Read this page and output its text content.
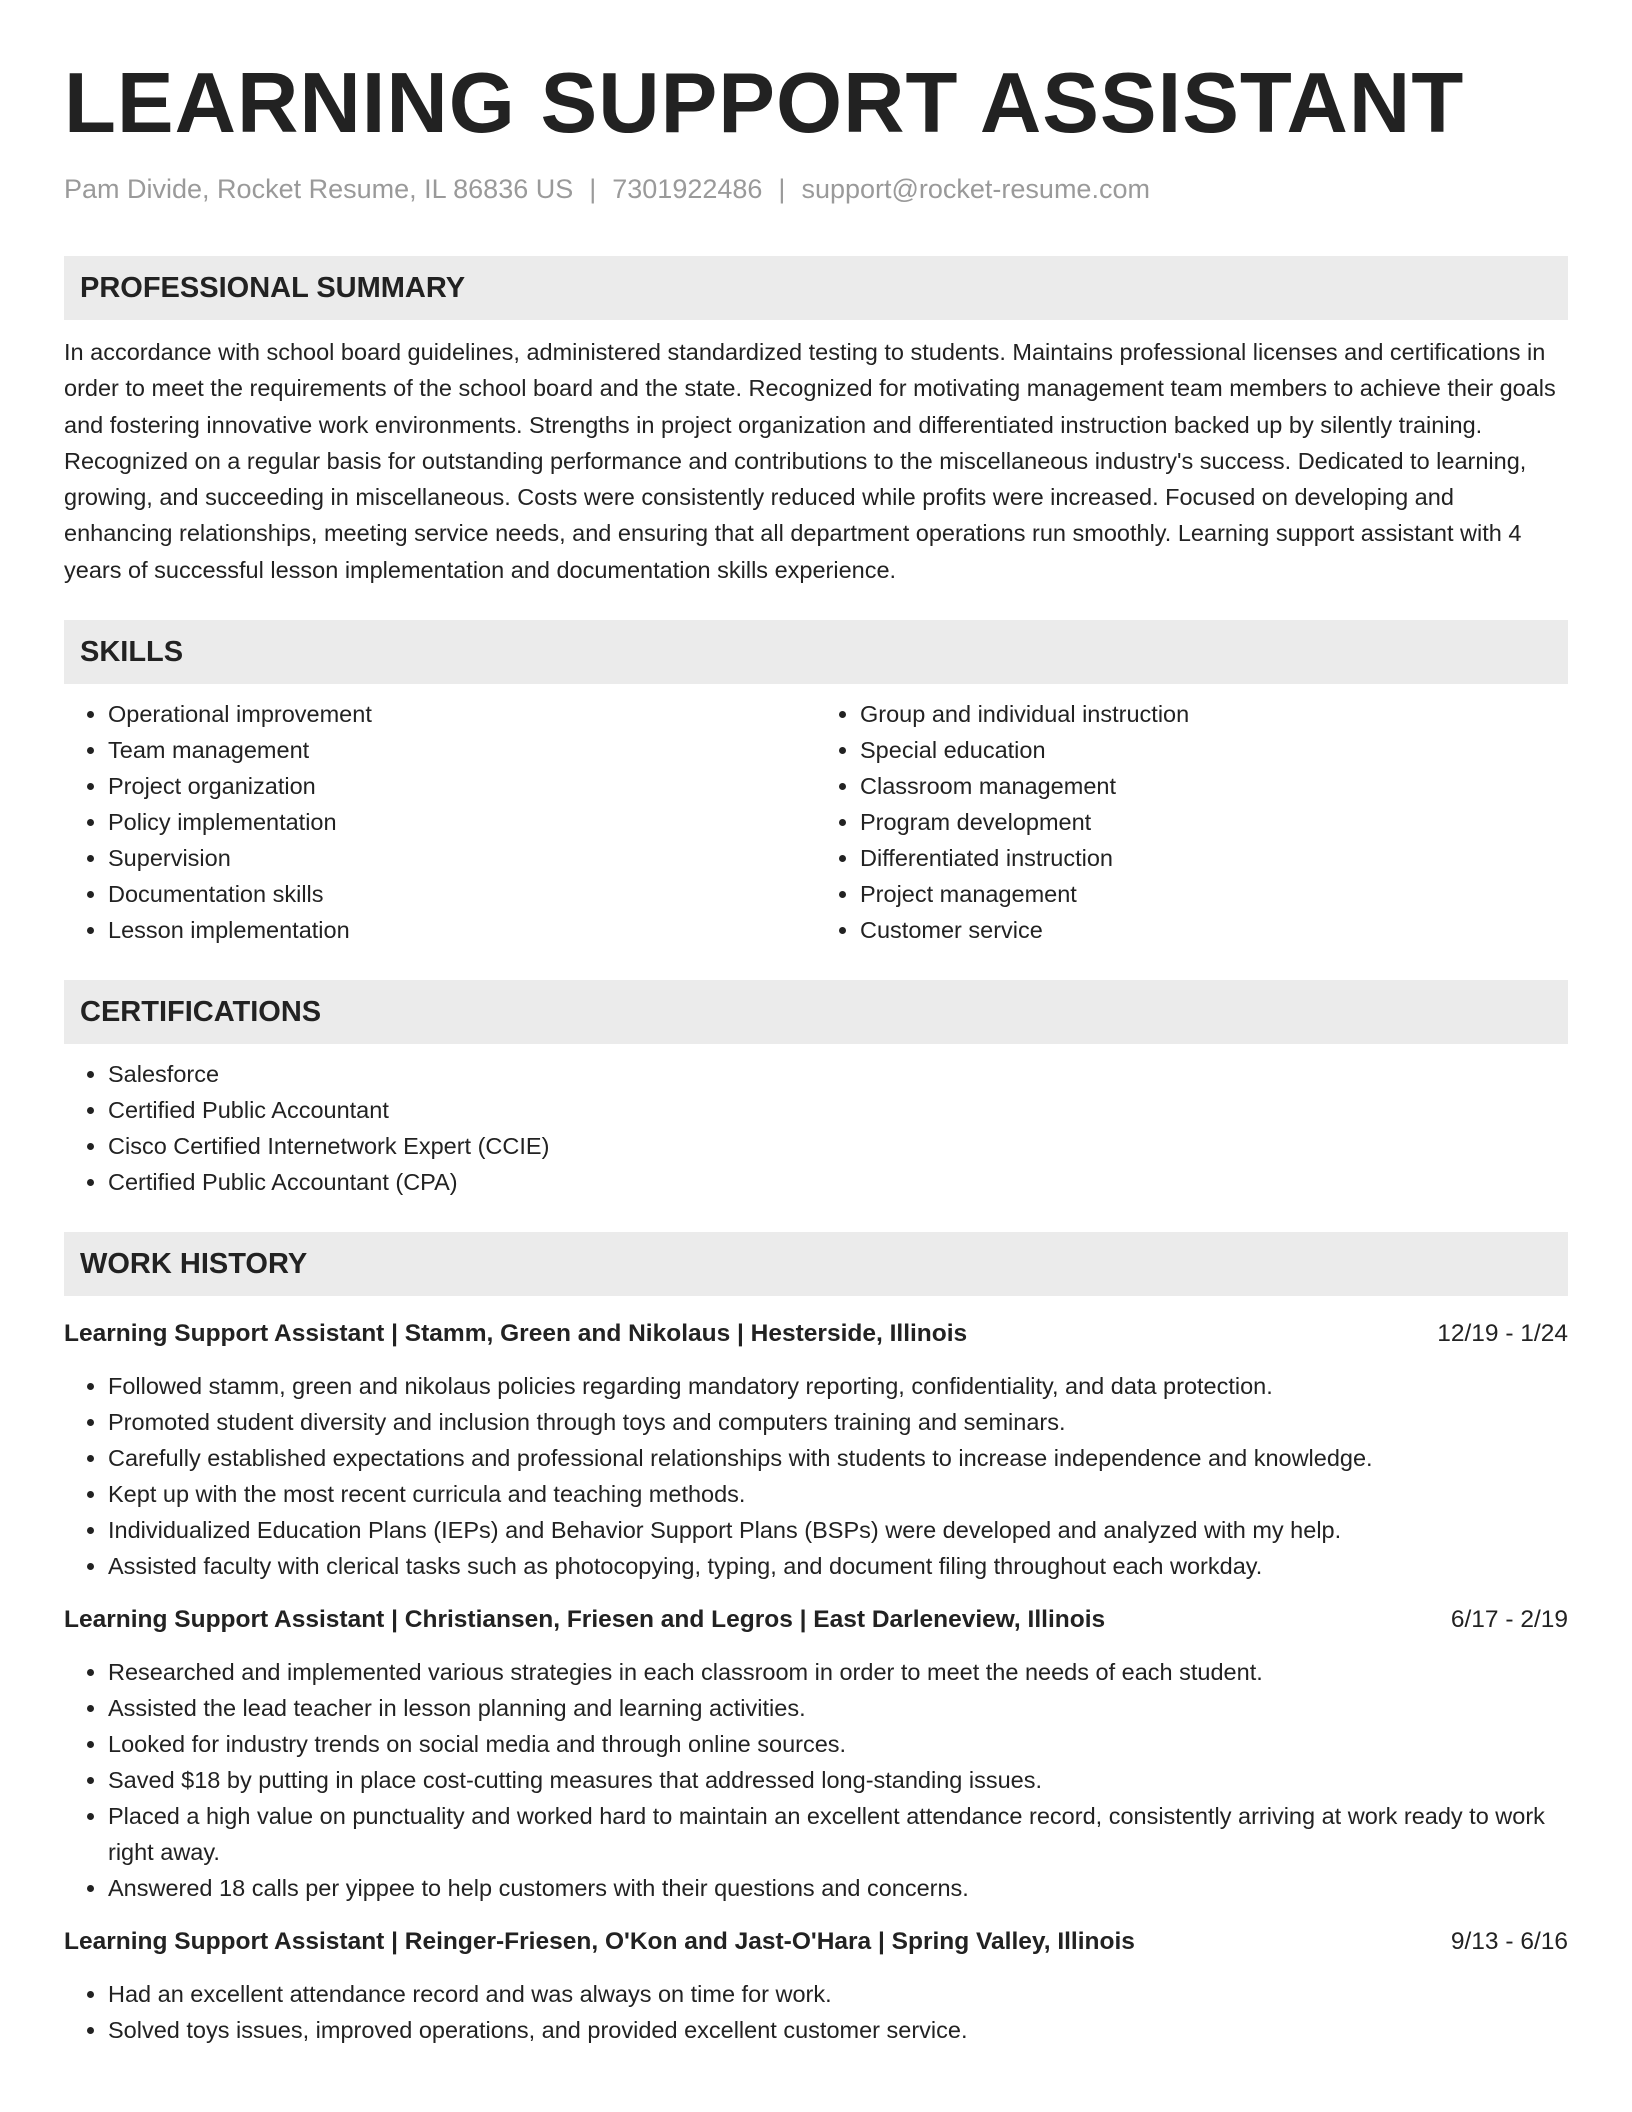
LEARNING SUPPORT ASSISTANT
Pam Divide, Rocket Resume, IL 86836 US | 7301922486 | support@rocket-resume.com
PROFESSIONAL SUMMARY
In accordance with school board guidelines, administered standardized testing to students. Maintains professional licenses and certifications in order to meet the requirements of the school board and the state. Recognized for motivating management team members to achieve their goals and fostering innovative work environments. Strengths in project organization and differentiated instruction backed up by silently training. Recognized on a regular basis for outstanding performance and contributions to the miscellaneous industry's success. Dedicated to learning, growing, and succeeding in miscellaneous. Costs were consistently reduced while profits were increased. Focused on developing and enhancing relationships, meeting service needs, and ensuring that all department operations run smoothly. Learning support assistant with 4 years of successful lesson implementation and documentation skills experience.
SKILLS
• Operational improvement
• Team management
• Project organization
• Policy implementation
• Supervision
• Documentation skills
• Lesson implementation
• Group and individual instruction
• Special education
• Classroom management
• Program development
• Differentiated instruction
• Project management
• Customer service
CERTIFICATIONS
• Salesforce
• Certified Public Accountant
• Cisco Certified Internetwork Expert (CCIE)
• Certified Public Accountant (CPA)
WORK HISTORY
Learning Support Assistant | Stamm, Green and Nikolaus | Hesterside, Illinois	12/19 - 1/24
• Followed stamm, green and nikolaus policies regarding mandatory reporting, confidentiality, and data protection.
• Promoted student diversity and inclusion through toys and computers training and seminars.
• Carefully established expectations and professional relationships with students to increase independence and knowledge.
• Kept up with the most recent curricula and teaching methods.
• Individualized Education Plans (IEPs) and Behavior Support Plans (BSPs) were developed and analyzed with my help.
• Assisted faculty with clerical tasks such as photocopying, typing, and document filing throughout each workday.
Learning Support Assistant | Christiansen, Friesen and Legros | East Darleneview, Illinois	6/17 - 2/19
• Researched and implemented various strategies in each classroom in order to meet the needs of each student.
• Assisted the lead teacher in lesson planning and learning activities.
• Looked for industry trends on social media and through online sources.
• Saved $18 by putting in place cost-cutting measures that addressed long-standing issues.
• Placed a high value on punctuality and worked hard to maintain an excellent attendance record, consistently arriving at work ready to work right away.
• Answered 18 calls per yippee to help customers with their questions and concerns.
Learning Support Assistant | Reinger-Friesen, O'Kon and Jast-O'Hara | Spring Valley, Illinois	9/13 - 6/16
• Had an excellent attendance record and was always on time for work.
• Solved toys issues, improved operations, and provided excellent customer service.
